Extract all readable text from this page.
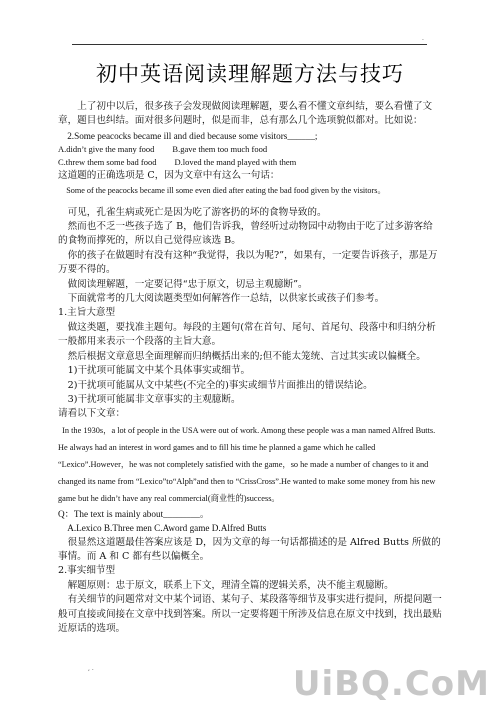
.
初中英语阅读理解题方法与技巧

上了初中以后，很多孩子会发现做阅读理解题，要么看不懂文章纠结，要么看懂了文章，题目也纠结。面对很多问题时，似是而非，总有那么几个选项貌似都对。比如说：

2.Some peacocks became ill and died because some visitors______;

A.didn’t give the many food B.gave them too much food
C.threw them some bad food D.loved the mand played with them

这道题的正确选项是 C，因为文章中有这么一句话：

Some of the peacocks became ill some even died after eating the bad food given by the visitors。

可见，孔雀生病或死亡是因为吃了游客扔的坏的食物导致的。

然而也不乏一些孩子选了 B，他们告诉我，曾经听过动物园中动物由于吃了过多游客给的食物而撑死的，所以自己觉得应该选 B。

你的孩子在做题时有没有这种“我觉得，我以为呢?”，如果有，一定要告诉孩子，那是万万要不得的。

做阅读理解题，一定要记得“忠于原文，切忌主观臆断”。

下面就常考的几大阅读题类型如何解答作一总结，以供家长或孩子们参考。

1.主旨大意型

做这类题，要找准主题句。每段的主题句(常在首句、尾句、首尾句、段落中和归纳分析一般都用来表示一个段落的主旨大意。

然后根据文章意思全面理解而归纳概括出来的;但不能太笼统、言过其实或以偏概全。

1)干扰项可能属文中某个具体事实或细节。

2)干扰项可能属从文中某些(不完全的)事实或细节片面推出的错误结论。

3)干扰项可能属非文章事实的主观臆断。

请看以下文章：

In the 1930s，a lot of people in the USA were out of work. Among these people was a man named Alfred Butts. He always had an interest in word games and to fill his time he planned a game which he called “Lexico”.However，he was not completely satisfied with the game，so he made a number of changes to it and changed its name from “Lexico”to“Alph”and then to “CrissCross”.He wanted to make some money from his new game but he didn’t have any real commercial(商业性的)success。

Q：The text is mainly about________。

A.Lexico B.Three men C.Aword game D.Alfred Butts

很显然这道题最佳答案应该是 D，因为文章的每一句话都描述的是 Alfred Butts 所做的事情。而 A 和 C 都有些以偏概全。

2.事实细节型

解题原则：忠于原文，联系上下文，理清全篇的逻辑关系，决不能主观臆断。

有关细节的问题常对文中某个词语、某句子、某段落等细节及事实进行提问，所提问题一般可直接或间接在文章中找到答案。所以一定要将题干所涉及信息在原文中找到，找出最贴近原话的选项。

, .	UiBQ.CoM
